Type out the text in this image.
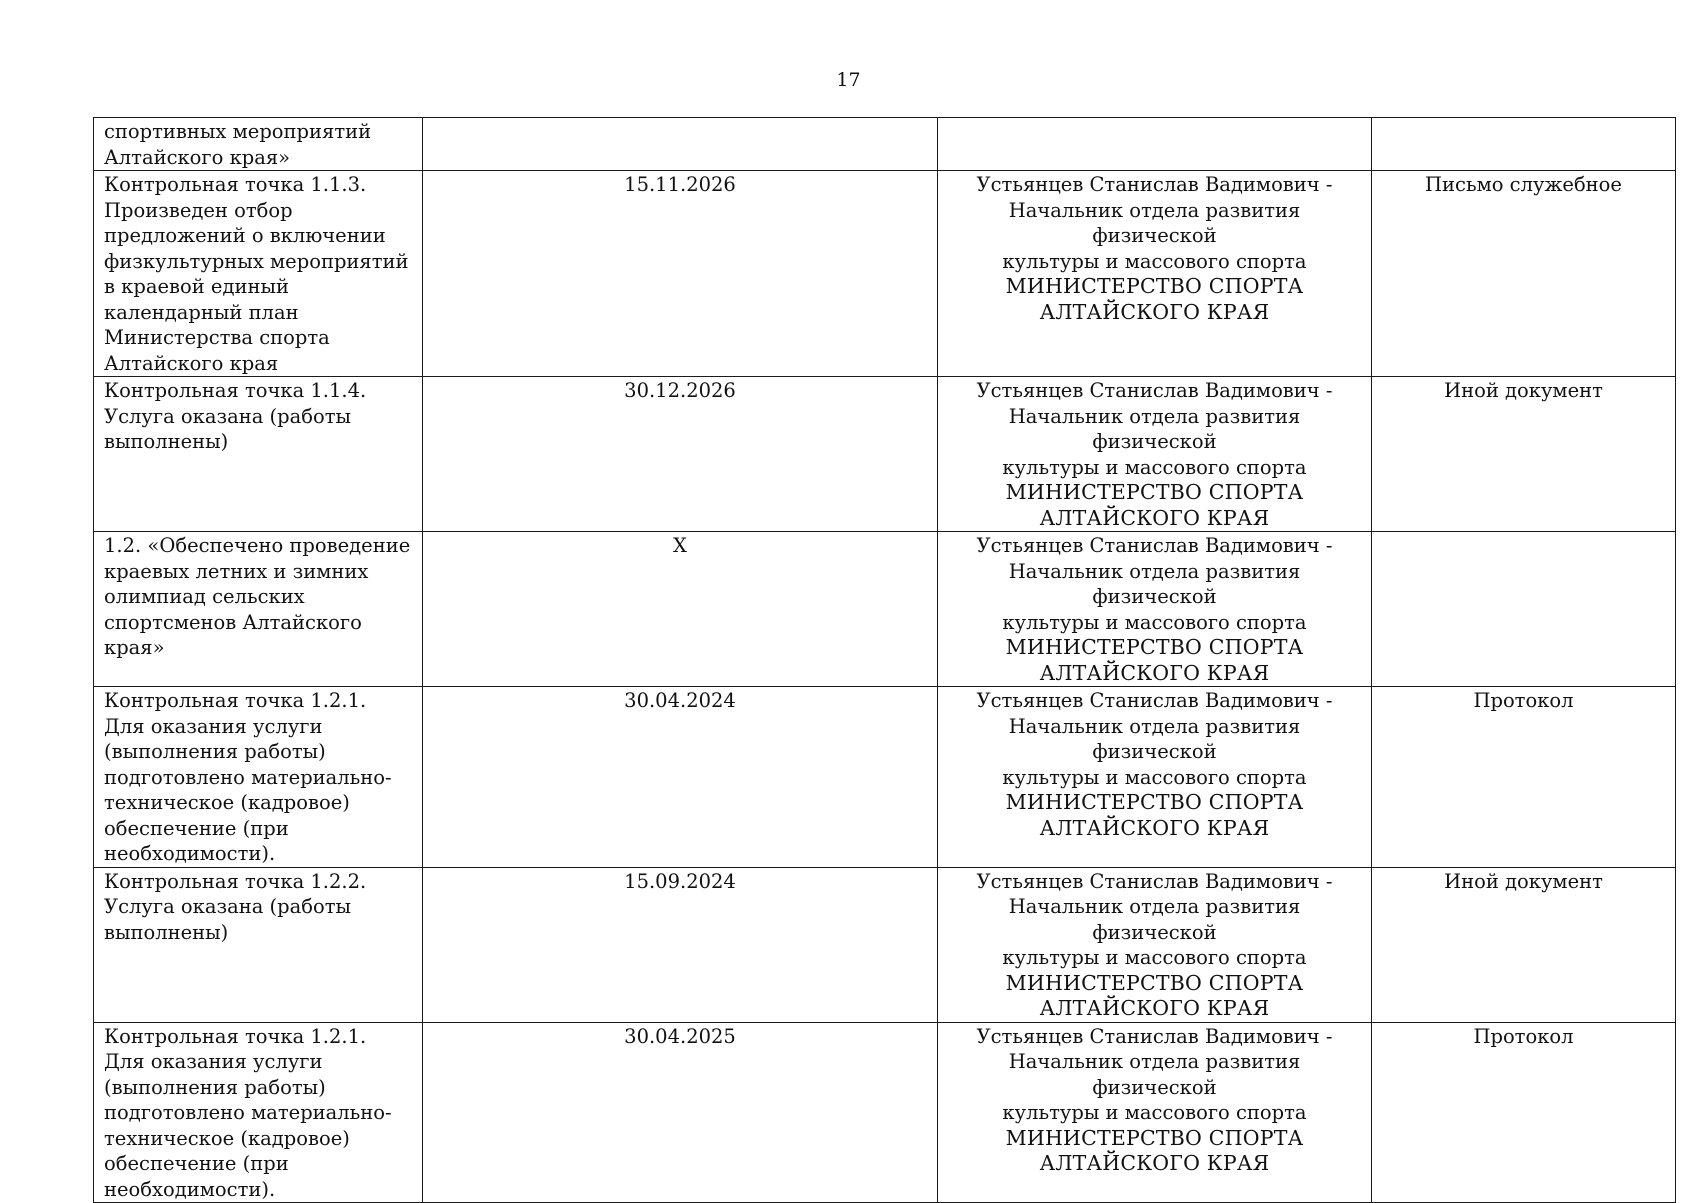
17
спортивных мероприятий Алтайского края»			
Контрольная точка 1.1.3. Произведен отбор предложений о включении физкультурных мероприятий в краевой единый календарный план Министерства спорта Алтайского края	15.11.2026	Устьянцев Станислав Вадимович -
Начальник отдела развития физической
культуры и массового спорта
МИНИСТЕРСТВО СПОРТА
АЛТАЙСКОГО КРАЯ	Письмо служебное
Контрольная точка 1.1.4. Услуга оказана (работы выполнены)	30.12.2026	Устьянцев Станислав Вадимович -
Начальник отдела развития физической
культуры и массового спорта
МИНИСТЕРСТВО СПОРТА
АЛТАЙСКОГО КРАЯ	Иной документ
1.2. «Обеспечено проведение краевых летних и зимних олимпиад сельских спортсменов Алтайского края»	X	Устьянцев Станислав Вадимович -
Начальник отдела развития физической
культуры и массового спорта
МИНИСТЕРСТВО СПОРТА
АЛТАЙСКОГО КРАЯ	

Контрольная точка 1.2.1. Для оказания услуги (выполнения работы) подготовлено материально-техническое (кадровое) обеспечение (при необходимости).	30.04.2024	Устьянцев Станислав Вадимович -
Начальник отдела развития физической
культуры и массового спорта
МИНИСТЕРСТВО СПОРТА
АЛТАЙСКОГО КРАЯ	Протокол
Контрольная точка 1.2.2. Услуга оказана (работы выполнены)	15.09.2024	Устьянцев Станислав Вадимович -
Начальник отдела развития физической
культуры и массового спорта
МИНИСТЕРСТВО СПОРТА
АЛТАЙСКОГО КРАЯ	Иной документ
Контрольная точка 1.2.1. Для оказания услуги (выполнения работы) подготовлено материально-техническое (кадровое) обеспечение (при необходимости).	30.04.2025	Устьянцев Станислав Вадимович -
Начальник отдела развития физической
культуры и массового спорта
МИНИСТЕРСТВО СПОРТА
АЛТАЙСКОГО КРАЯ	Протокол
